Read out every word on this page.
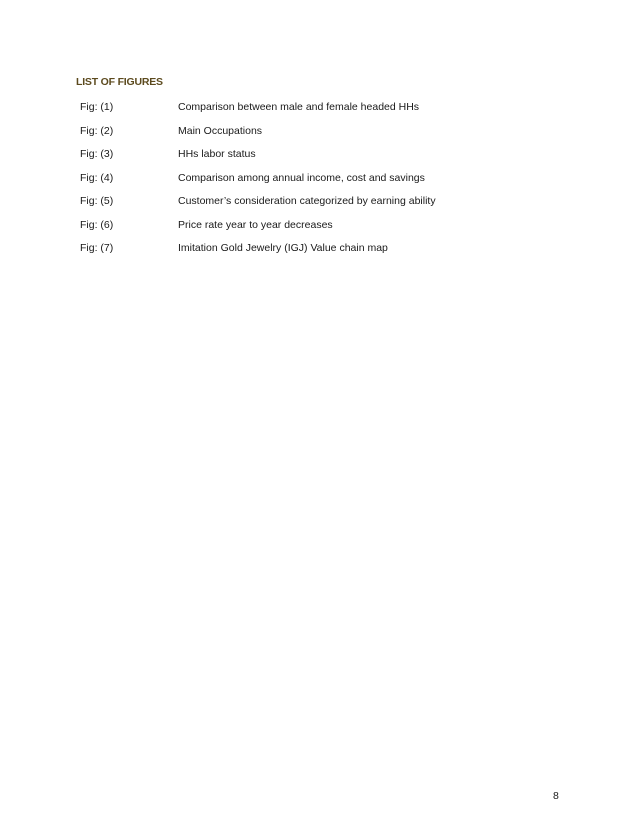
LIST OF FIGURES
Fig: (1)	Comparison between male and female headed HHs
Fig: (2)	Main Occupations
Fig: (3)	HHs labor status
Fig: (4)	Comparison among annual income, cost and savings
Fig: (5)	Customer’s consideration categorized by earning ability
Fig: (6)	Price rate year to year decreases
Fig: (7)	Imitation Gold Jewelry (IGJ) Value chain map
8
